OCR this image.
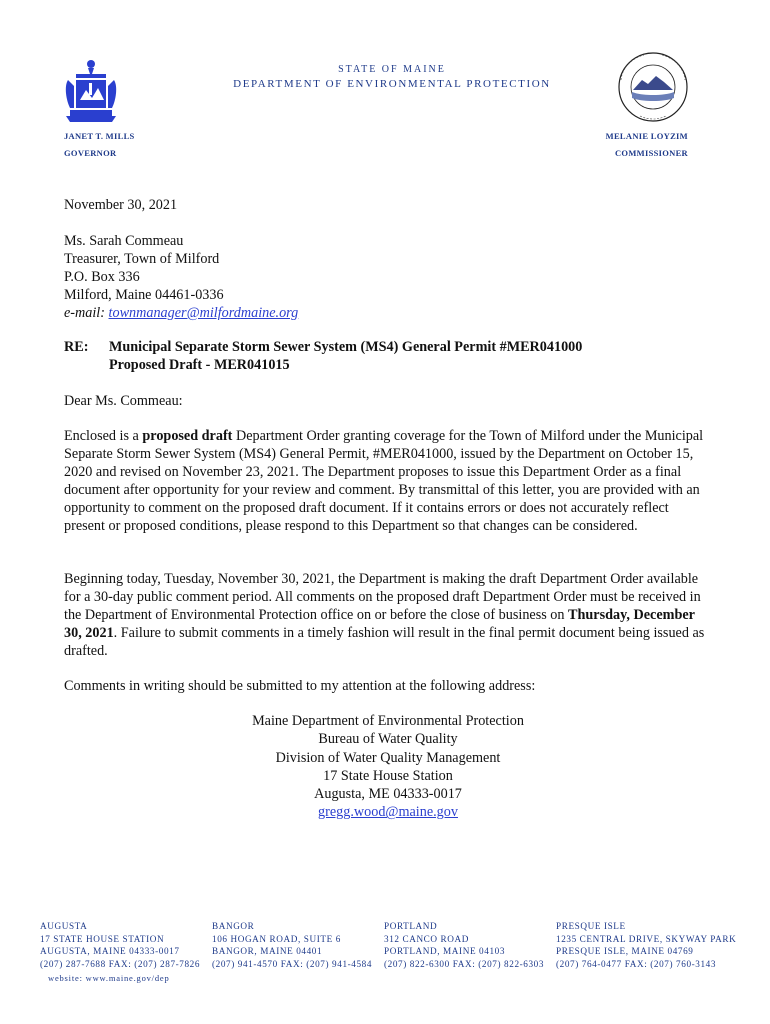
STATE OF MAINE
DEPARTMENT OF ENVIRONMENTAL PROTECTION
JANET T. MILLS
GOVERNOR
MELANIE LOYZIM
COMMISSIONER
November 30, 2021
Ms. Sarah Commeau
Treasurer, Town of Milford
P.O. Box 336
Milford, Maine 04461-0336
e-mail: townmanager@milfordmaine.org
RE:	Municipal Separate Storm Sewer System (MS4) General Permit #MER041000
Proposed Draft - MER041015
Dear Ms. Commeau:

Enclosed is a proposed draft Department Order granting coverage for the Town of Milford under the Municipal Separate Storm Sewer System (MS4) General Permit, #MER041000, issued by the Department on October 15, 2020 and revised on November 23, 2021. The Department proposes to issue this Department Order as a final document after opportunity for your review and comment. By transmittal of this letter, you are provided with an opportunity to comment on the proposed draft document. If it contains errors or does not accurately reflect present or proposed conditions, please respond to this Department so that changes can be considered.

Beginning today, Tuesday, November 30, 2021, the Department is making the draft Department Order available for a 30-day public comment period. All comments on the proposed draft Department Order must be received in the Department of Environmental Protection office on or before the close of business on Thursday, December 30, 2021. Failure to submit comments in a timely fashion will result in the final permit document being issued as drafted.

Comments in writing should be submitted to my attention at the following address:
Maine Department of Environmental Protection
Bureau of Water Quality
Division of Water Quality Management
17 State House Station
Augusta, ME 04333-0017
gregg.wood@maine.gov
AUGUSTA
17 STATE HOUSE STATION
AUGUSTA, MAINE 04333-0017
(207) 287-7688 FAX: (207) 287-7826
BANGOR
106 HOGAN ROAD, SUITE 6
BANGOR, MAINE 04401
(207) 941-4570 FAX: (207) 941-4584
PORTLAND
312 CANCO ROAD
PORTLAND, MAINE 04103
(207) 822-6300 FAX: (207) 822-6303
PRESQUE ISLE
1235 CENTRAL DRIVE, SKYWAY PARK
PRESQUE ISLE, MAINE 04769
(207) 764-0477 FAX: (207) 760-3143
website: www.maine.gov/dep
